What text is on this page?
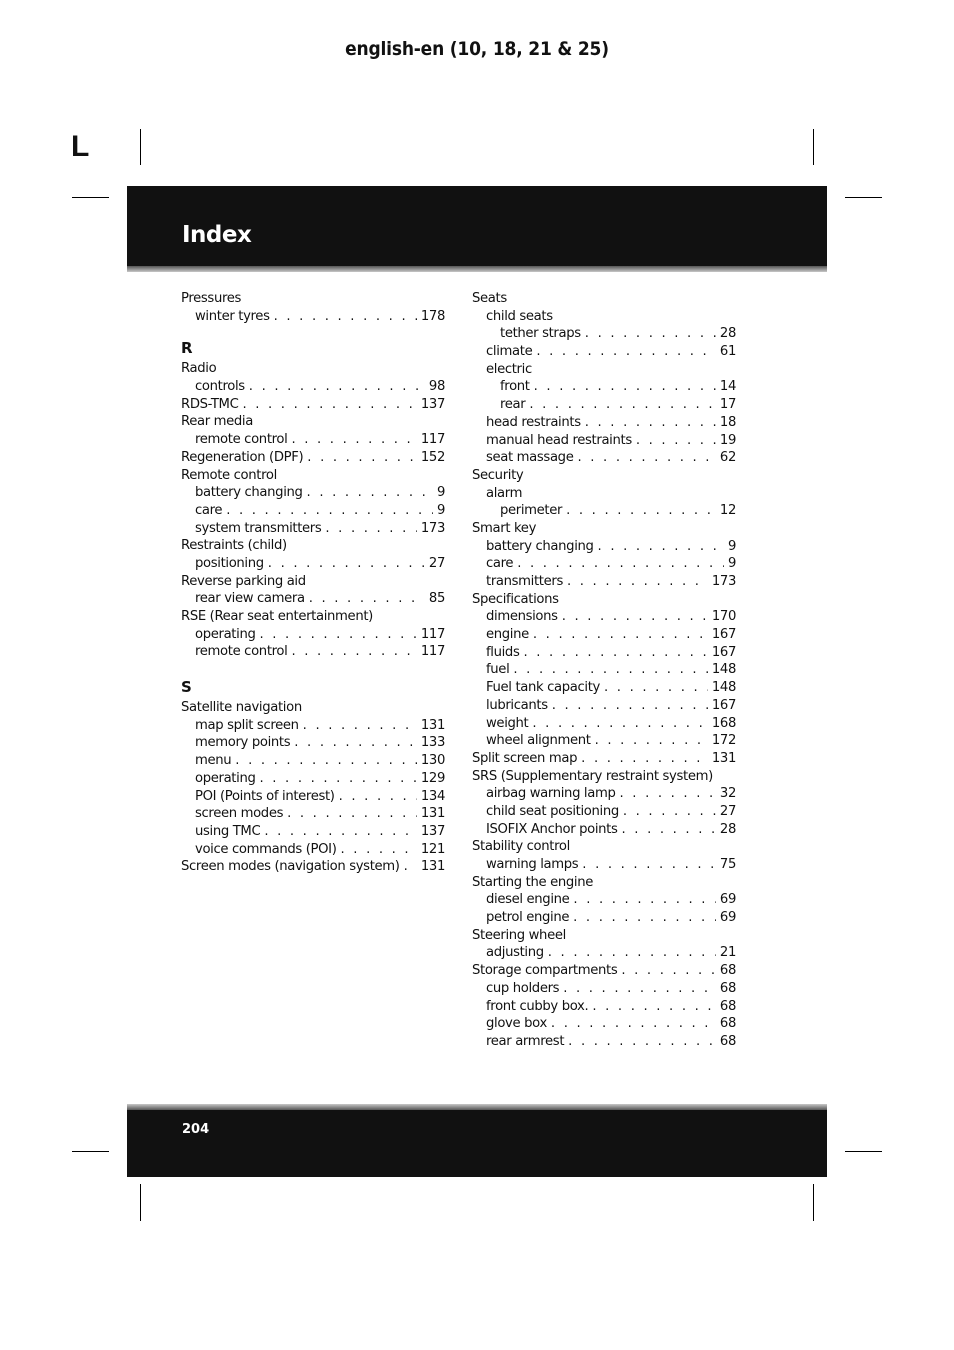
english-en (10, 18, 21 & 25)
L
Index
Pressures
winter tyres . . .	178
R
Radio
controls . . .	98
RDS-TMC . . .	137
Rear media
remote control . . .	117
Regeneration (DPF) . . .	152
Remote control
battery changing . . .	9
care . . .	9
system transmitters . . .	173
Restraints (child)
positioning . . .	27
Reverse parking aid
rear view camera . . .	85
RSE (Rear seat entertainment)
operating . . .	117
remote control . . .	117
S
Satellite navigation
map split screen . . .	131
memory points . . .	133
menu . . .	130
operating . . .	129
POI (Points of interest) . . .	134
screen modes . . .	131
using TMC . . .	137
voice commands (POI) . . .	121
Screen modes (navigation system) . . . 131
Seats
child seats
tether straps . . .	28
climate . . .	61
electric
front . . .	14
rear . . .	17
head restraints . . .	18
manual head restraints . . .	19
seat massage . . .	62
Security
alarm
perimeter . . .	12
Smart key
battery changing . . .	9
care . . .	9
transmitters . . .	173
Specifications
dimensions . . .	170
engine . . .	167
fluids . . .	167
fuel . . .	148
Fuel tank capacity . . .	148
lubricants . . .	167
weight . . .	168
wheel alignment . . .	172
Split screen map . . .	131
SRS (Supplementary restraint system)
airbag warning lamp . . .	32
child seat positioning . . .	27
ISOFIX Anchor points . . .	28
Stability control
warning lamps . . .	75
Starting the engine
diesel engine . . .	69
petrol engine . . .	69
Steering wheel
adjusting . . .	21
Storage compartments . . .	68
cup holders . . .	68
front cubby box. . . .	68
glove box . . .	68
rear armrest . . .	68
204
